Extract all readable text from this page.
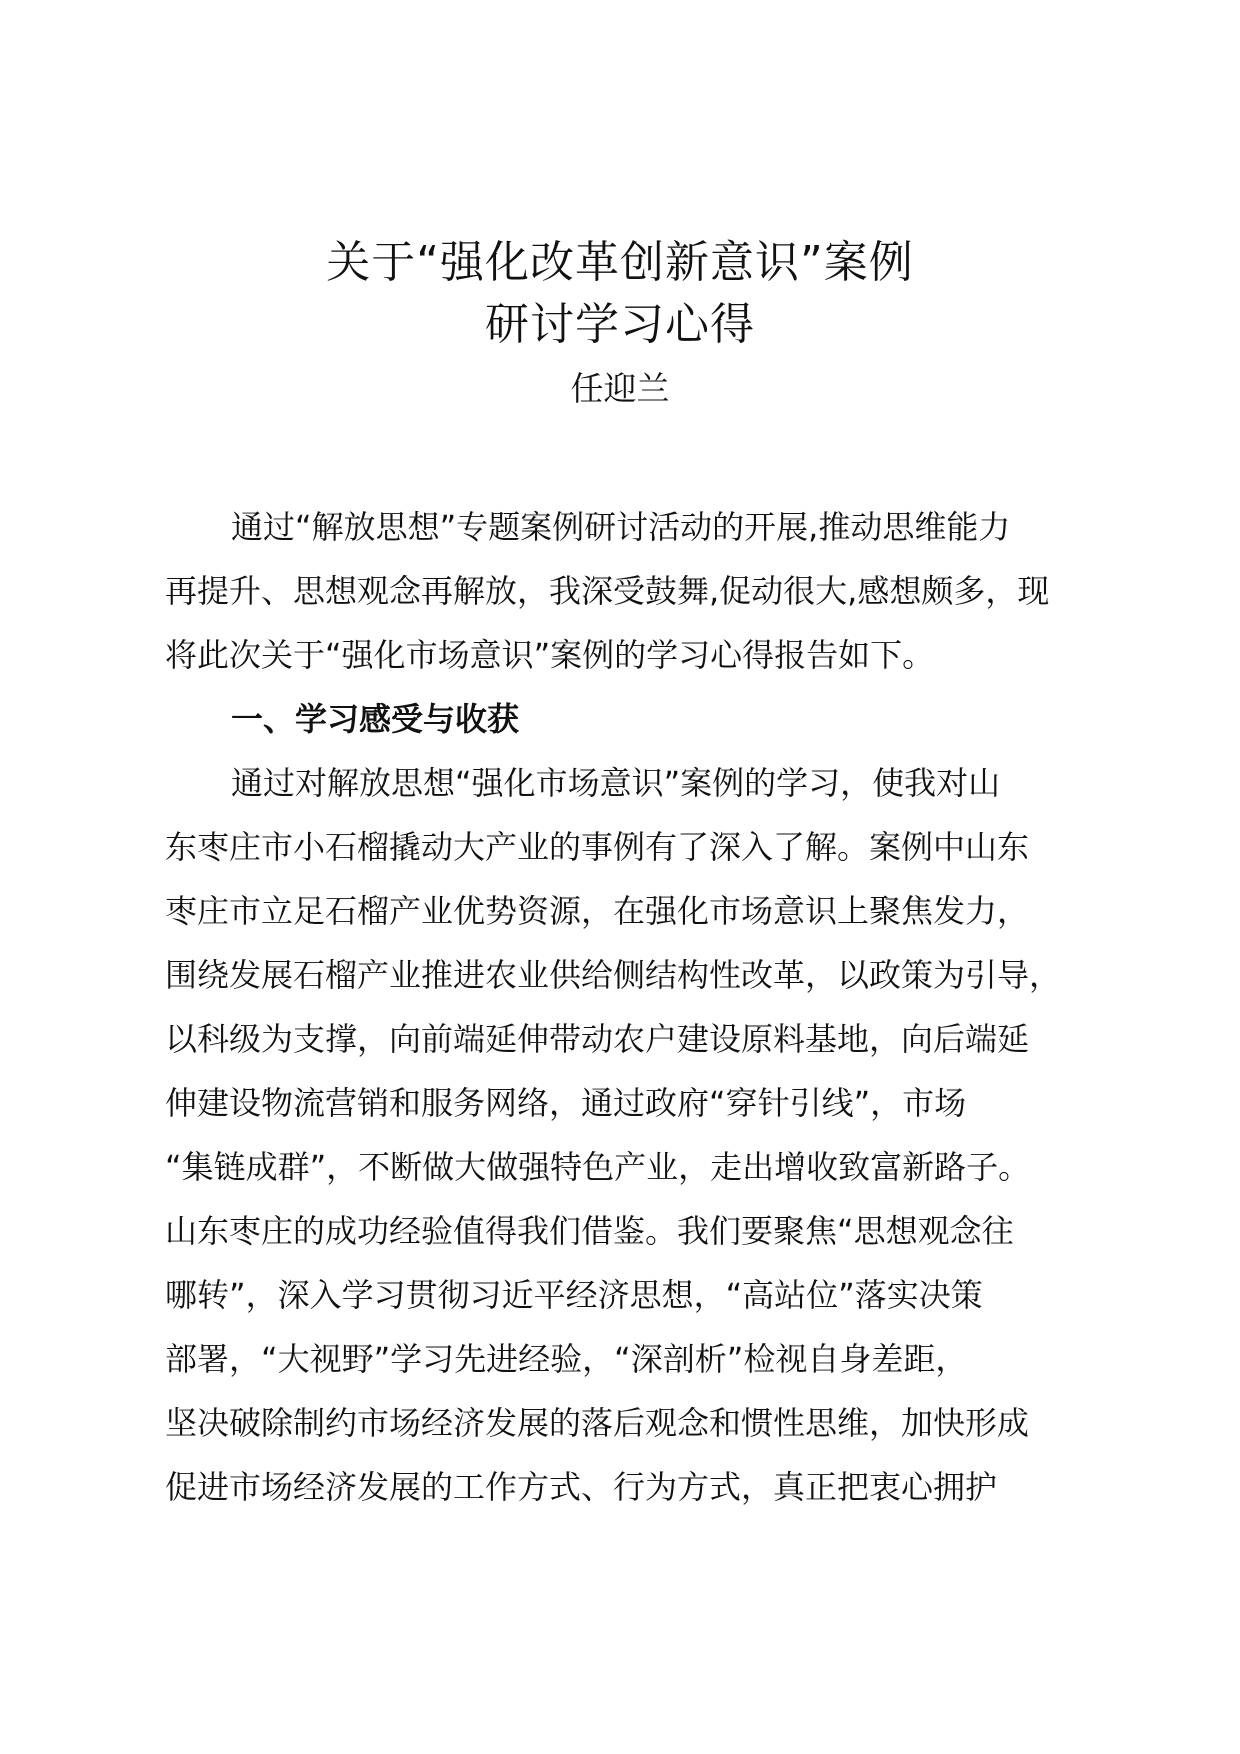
关于“强化改革创新意识”案例
研讨学习心得
任迎兰
通过“解放思想”专题案例研讨活动的开展,推动思维能力
再提升、思想观念再解放，我深受鼓舞,促动很大,感想颇多，现
将此次关于“强化市场意识”案例的学习心得报告如下。
一、学习感受与收获
通过对解放思想“强化市场意识”案例的学习，使我对山
东枣庄市小石榴撬动大产业的事例有了深入了解。案例中山东
枣庄市立足石榴产业优势资源，在强化市场意识上聚焦发力，
围绕发展石榴产业推进农业供给侧结构性改革，以政策为引导，
以科级为支撑，向前端延伸带动农户建设原料基地，向后端延
伸建设物流营销和服务网络，通过政府“穿针引线”，市场
“集链成群”，不断做大做强特色产业，走出增收致富新路子。
山东枣庄的成功经验值得我们借鉴。我们要聚焦“思想观念往
哪转”，深入学习贯彻习近平经济思想，“高站位”落实决策
部署，“大视野”学习先进经验，“深剖析”检视自身差距，
坚决破除制约市场经济发展的落后观念和惯性思维，加快形成
促进市场经济发展的工作方式、行为方式，真正把衷心拥护
